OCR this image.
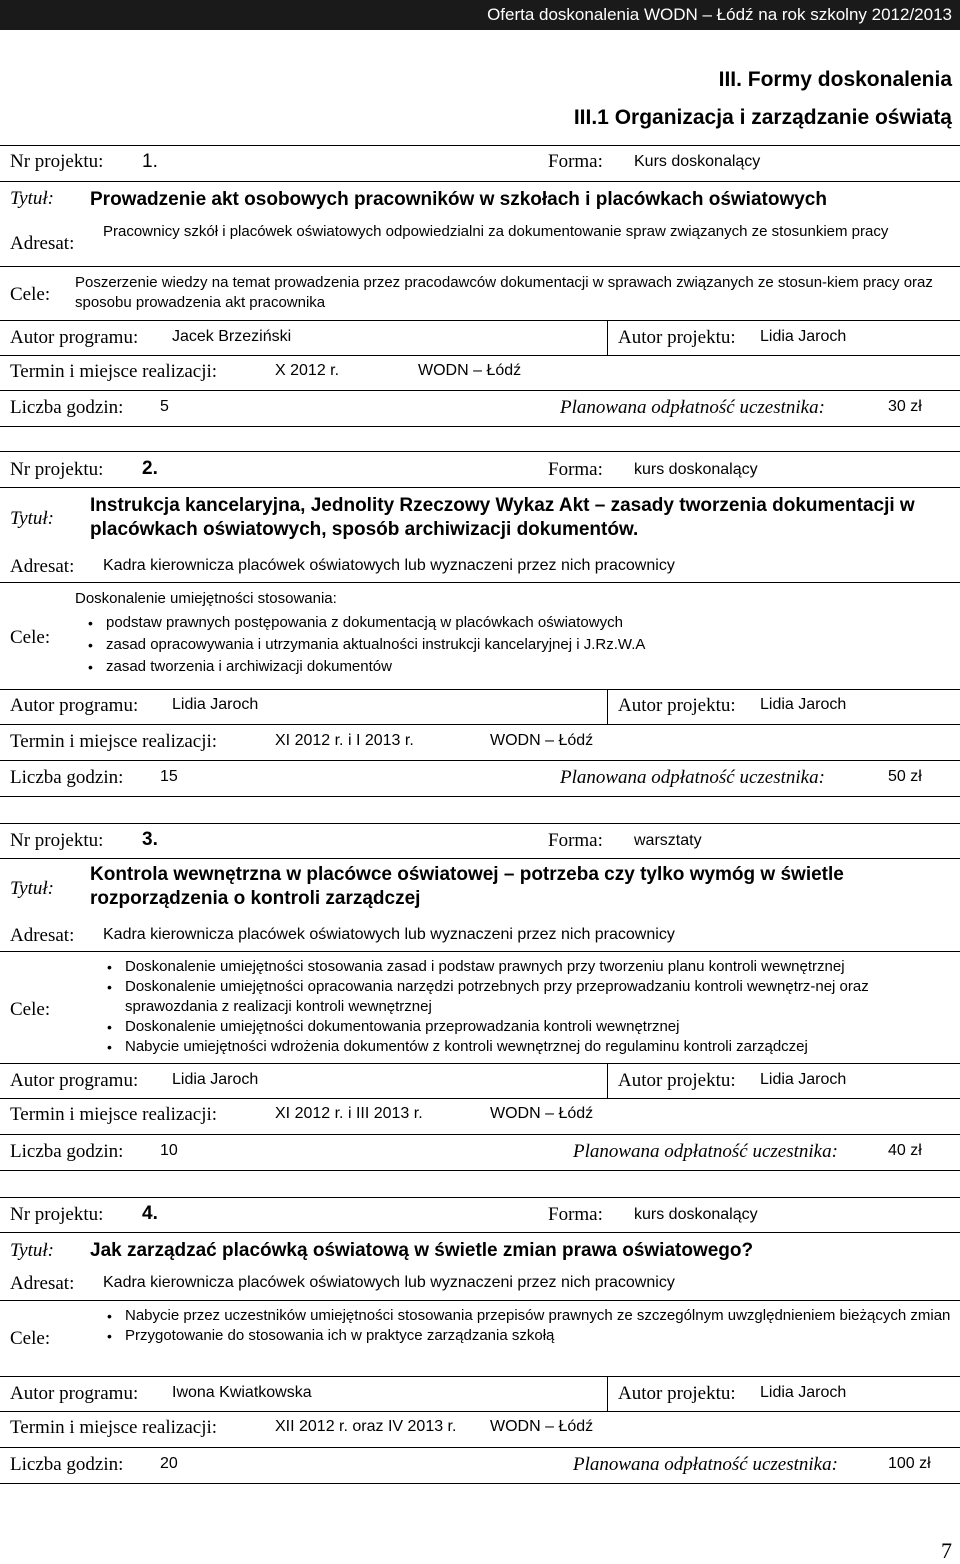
Oferta doskonalenia WODN – Łódź na rok szkolny 2012/2013
III. Formy doskonalenia
III.1 Organizacja i zarządzanie oświatą
Nr projektu: 1.	Forma: Kurs doskonalący
Tytuł: Prowadzenie akt osobowych pracowników w szkołach i placówkach oświatowych
Adresat:
Pracownicy szkół i placówek oświatowych odpowiedzialni za dokumentowanie spraw związanych ze stosunkiem pracy
Cele:
Poszerzenie wiedzy na temat prowadzenia przez pracodawców dokumentacji w sprawach związanych ze stosun-kiem pracy oraz sposobu prowadzenia akt pracownika
Autor programu: Jacek Brzeziński	Autor projektu: Lidia Jaroch
Termin i miejsce realizacji:	X 2012 r.	WODN – Łódź
Liczba godzin: 5	Planowana odpłatność uczestnika:	30 zł
Nr projektu: 2.	Forma: kurs doskonalący
Tytuł:
Instrukcja kancelaryjna, Jednolity Rzeczowy Wykaz Akt – zasady tworzenia dokumentacji w placówkach oświatowych, sposób archiwizacji dokumentów.
Adresat: Kadra kierownicza placówek oświatowych lub wyznaczeni przez nich pracownicy
Cele:
Doskonalenie umiejętności stosowania:
• podstaw prawnych postępowania z dokumentacją w placówkach oświatowych
• zasad opracowywania i utrzymania aktualności instrukcji kancelaryjnej i J.Rz.W.A
• zasad tworzenia i archiwizacji dokumentów
Autor programu: Lidia Jaroch	Autor projektu: Lidia Jaroch
Termin i miejsce realizacji:	XI 2012 r. i I 2013 r.	WODN – Łódź
Liczba godzin: 15	Planowana odpłatność uczestnika:	50 zł
Nr projektu: 3.	Forma: warsztaty
Tytuł:
Kontrola wewnętrzna w placówce oświatowej – potrzeba czy tylko wymóg w świetle rozporządzenia o kontroli zarządczej
Adresat: Kadra kierownicza placówek oświatowych lub wyznaczeni przez nich pracownicy
Cele:
• Doskonalenie umiejętności stosowania zasad i podstaw prawnych przy tworzeniu planu kontroli wewnętrznej
• Doskonalenie umiejętności opracowania narzędzi potrzebnych przy przeprowadzaniu kontroli wewnętrz-nej oraz sprawozdania z realizacji kontroli wewnętrznej
• Doskonalenie umiejętności dokumentowania przeprowadzania kontroli wewnętrznej
• Nabycie umiejętności wdrożenia dokumentów z kontroli wewnętrznej do regulaminu kontroli zarządczej
Autor programu: Lidia Jaroch	Autor projektu: Lidia Jaroch
Termin i miejsce realizacji:	XI 2012 r. i III 2013 r.	WODN – Łódź
Liczba godzin: 10	Planowana odpłatność uczestnika:	40 zł
Nr projektu: 4.	Forma: kurs doskonalący
Tytuł: Jak zarządzać placówką oświatową w świetle zmian prawa oświatowego?
Adresat: Kadra kierownicza placówek oświatowych lub wyznaczeni przez nich pracownicy
Cele:
• Nabycie przez uczestników umiejętności stosowania przepisów prawnych ze szczególnym uwzględnieniem bieżących zmian
• Przygotowanie do stosowania ich w praktyce zarządzania szkołą
Autor programu: Iwona Kwiatkowska	Autor projektu: Lidia Jaroch
Termin i miejsce realizacji:	XII 2012 r. oraz IV 2013 r. WODN – Łódź
Liczba godzin: 20	Planowana odpłatność uczestnika:	100 zł
7
